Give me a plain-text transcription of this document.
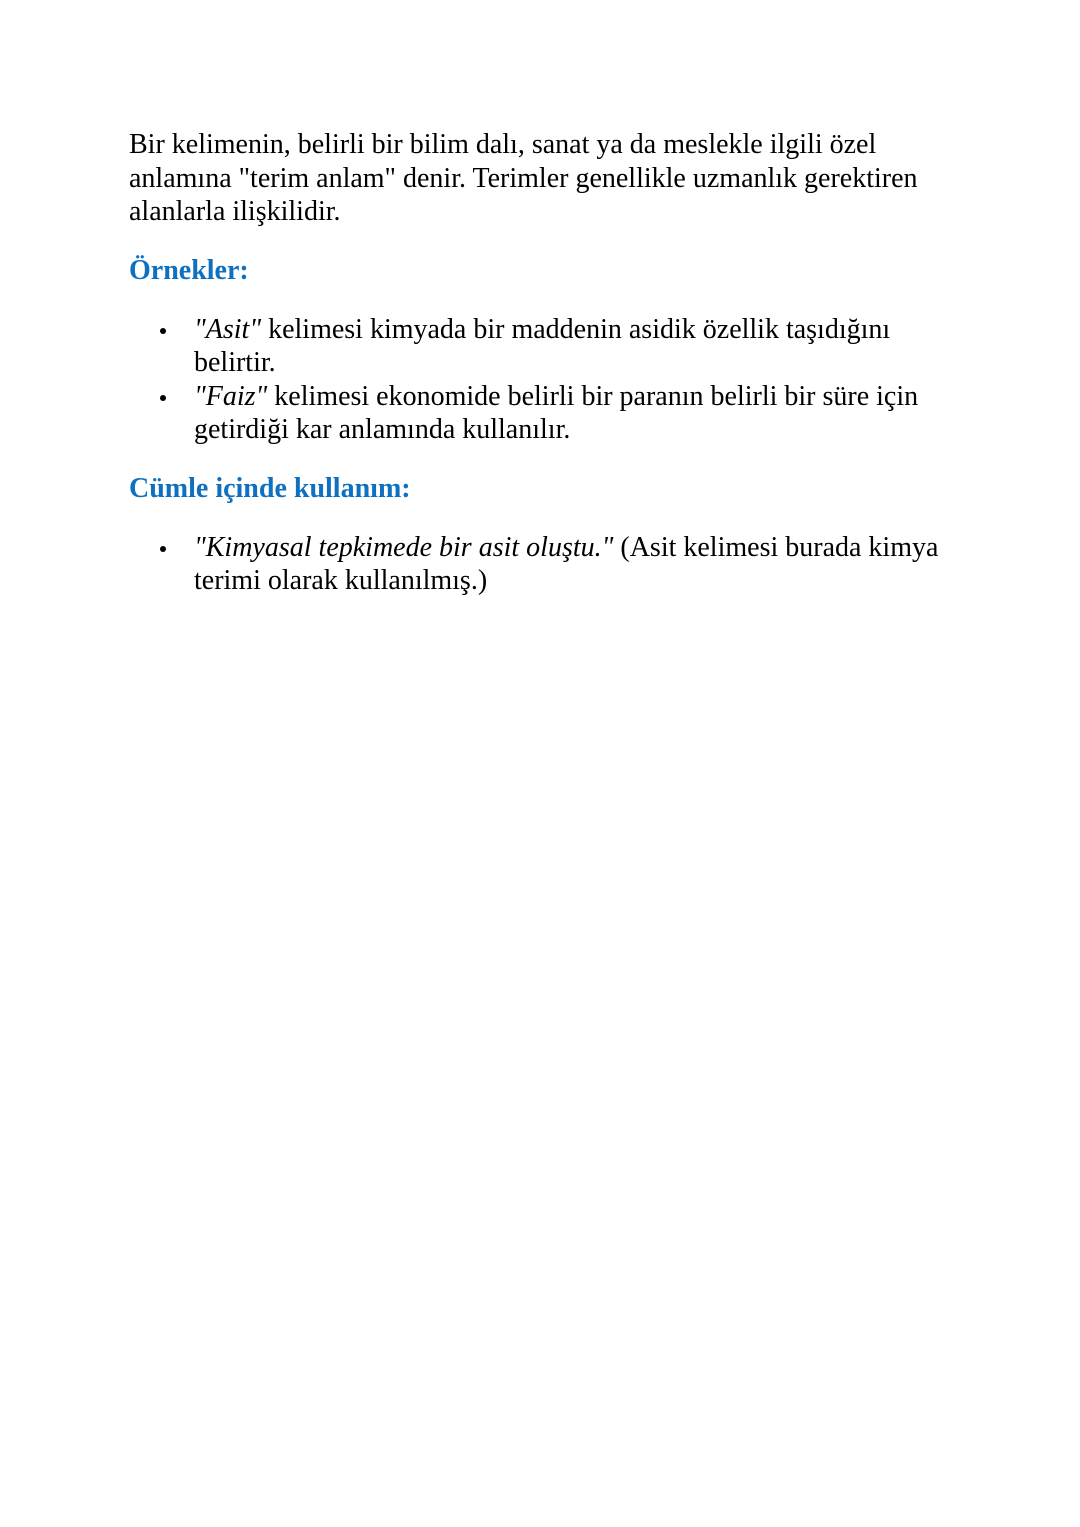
Bir kelimenin, belirli bir bilim dalı, sanat ya da meslekle ilgili özel anlamına "terim anlam" denir. Terimler genellikle uzmanlık gerektiren alanlarla ilişkilidir.

Örnekler:
"Asit" kelimesi kimyada bir maddenin asidik özellik taşıdığını belirtir.
"Faiz" kelimesi ekonomide belirli bir paranın belirli bir süre için getirdiği kar anlamında kullanılır.
Cümle içinde kullanım:
"Kimyasal tepkimede bir asit oluştu." (Asit kelimesi burada kimya terimi olarak kullanılmış.)
